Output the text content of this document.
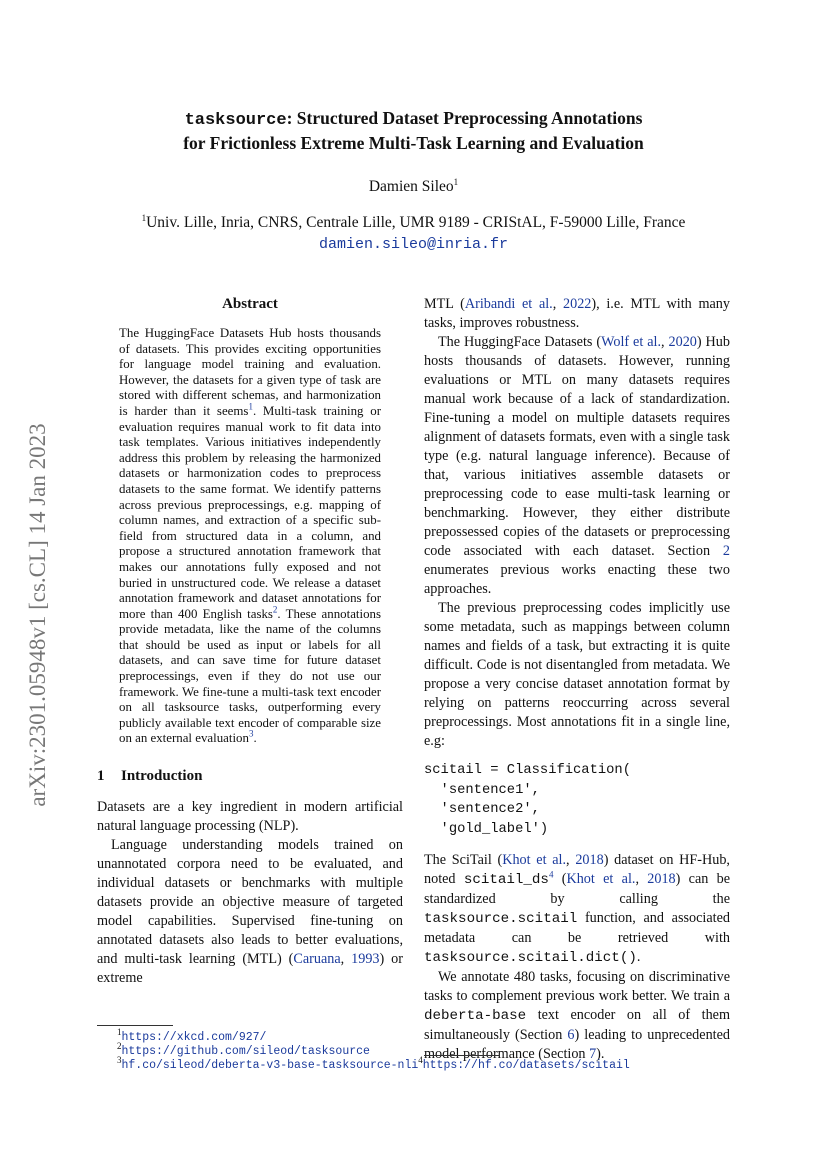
tasksource: Structured Dataset Preprocessing Annotations
for Frictionless Extreme Multi-Task Learning and Evaluation
Damien Sileo$^1$
$^1$Univ. Lille, Inria, CNRS, Centrale Lille, UMR 9189 - CRIStAL, F-59000 Lille, France
damien.sileo@inria.fr
arXiv:2301.05948v1 [cs.CL] 14 Jan 2023
Abstract

The HuggingFace Datasets Hub hosts thousands of datasets. This provides exciting opportunities for language model training and evaluation. However, the datasets for a given type of task are stored with different schemas, and harmonization is harder than it seems$^1$. Multi-task training or evaluation requires manual work to fit data into task templates. Various initiatives independently address this problem by releasing the harmonized datasets or harmonization codes to preprocess datasets to the same format. We identify patterns across previous preprocessings, e.g. mapping of column names, and extraction of a specific sub-field from structured data in a column, and propose a structured annotation framework that makes our annotations fully exposed and not buried in unstructured code. We release a dataset annotation framework and dataset annotations for more than 400 English tasks$^2$. These annotations provide metadata, like the name of the columns that should be used as input or labels for all datasets, and can save time for future dataset preprocessings, even if they do not use our framework. We fine-tune a multi-task text encoder on all tasksource tasks, outperforming every publicly available text encoder of comparable size on an external evaluation$^3$.

1 Introduction

Datasets are a key ingredient in modern artificial natural language processing (NLP).

Language understanding models trained on unannotated corpora need to be evaluated, and individual datasets or benchmarks with multiple datasets provide an objective measure of targeted model capabilities. Supervised fine-tuning on annotated datasets also leads to better evaluations, and multi-task learning (MTL) (Caruana, 1993) or extreme

MTL (Aribandi et al., 2022), i.e. MTL with many tasks, improves robustness.

The HuggingFace Datasets (Wolf et al., 2020) Hub hosts thousands of datasets. However, running evaluations or MTL on many datasets requires manual work because of a lack of standardization. Fine-tuning a model on multiple datasets requires alignment of datasets formats, even with a single task type (e.g. natural language inference). Because of that, various initiatives assemble datasets or preprocessing code to ease multi-task learning or benchmarking. However, they either distribute prepossessed copies of the datasets or preprocessing code associated with each dataset. Section 2 enumerates previous works enacting these two approaches.

The previous preprocessing codes implicitly use some metadata, such as mappings between column names and fields of a task, but extracting it is quite difficult. Code is not disentangled from metadata. We propose a very concise dataset annotation format by relying on patterns reoccurring across several preprocessings. Most annotations fit in a single line, e.g:

scitail = Classification(
'sentence1',
'sentence2',
'gold_label')

The SciTail (Khot et al., 2018) dataset on HF-Hub, noted $scitail\_ds^4$ (Khot et al., 2018) can be standardized by calling the tasksource.scitail function, and associated metadata can be retrieved with tasksource.scitail.dict().

We annotate 480 tasks, focusing on discriminative tasks to complement previous work better. We train a deberta-base text encoder on all of them simultaneously (Section 6) leading to unprecedented model performance (Section 7).

$^1$https://xkcd.com/927/
$^2$https://github.com/sileod/tasksource
$^3$hf.co/sileod/deberta-v3-base-tasksource-nli$^4$https://hf.co/datasets/scitail
